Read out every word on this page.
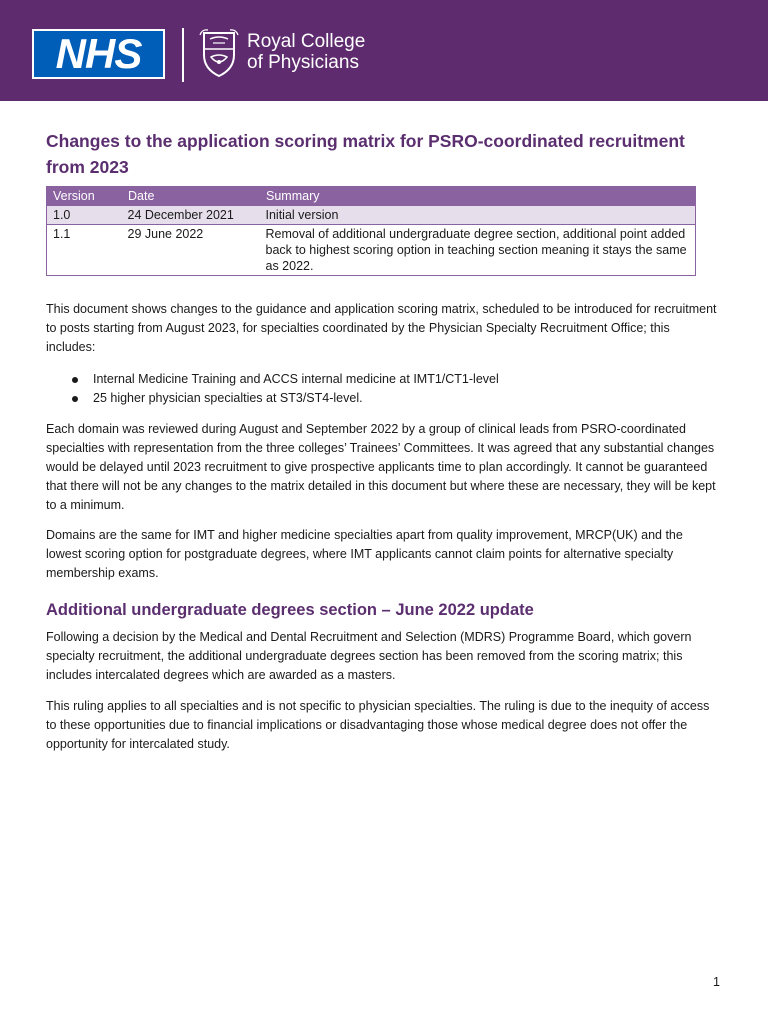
NHS	Royal College
of Physicians
Changes to the application scoring matrix for PSRO-coordinated recruitment from 2023
Version	Date	Summary
1.0	24 December 2021	Initial version
1.1	29 June 2022	Removal of additional undergraduate degree section, additional point added back to highest scoring option in teaching section meaning it stays the same as 2022.

This document shows changes to the guidance and application scoring matrix, scheduled to be introduced for recruitment to posts starting from August 2023, for specialties coordinated by the Physician Specialty Recruitment Office; this includes:

Internal Medicine Training and ACCS internal medicine at IMT1/CT1-level
25 higher physician specialties at ST3/ST4-level.

Each domain was reviewed during August and September 2022 by a group of clinical leads from PSRO-coordinated specialties with representation from the three colleges’ Trainees’ Committees. It was agreed that any substantial changes would be delayed until 2023 recruitment to give prospective applicants time to plan accordingly. It cannot be guaranteed that there will not be any changes to the matrix detailed in this document but where these are necessary, they will be kept to a minimum.

Domains are the same for IMT and higher medicine specialties apart from quality improvement, MRCP(UK) and the lowest scoring option for postgraduate degrees, where IMT applicants cannot claim points for alternative specialty membership exams.

Additional undergraduate degrees section – June 2022 update

Following a decision by the Medical and Dental Recruitment and Selection (MDRS) Programme Board, which govern specialty recruitment, the additional undergraduate degrees section has been removed from the scoring matrix; this includes intercalated degrees which are awarded as a masters.

This ruling applies to all specialties and is not specific to physician specialties. The ruling is due to the inequity of access to these opportunities due to financial implications or disadvantaging those whose medical degree does not offer the opportunity for intercalated study.

1
